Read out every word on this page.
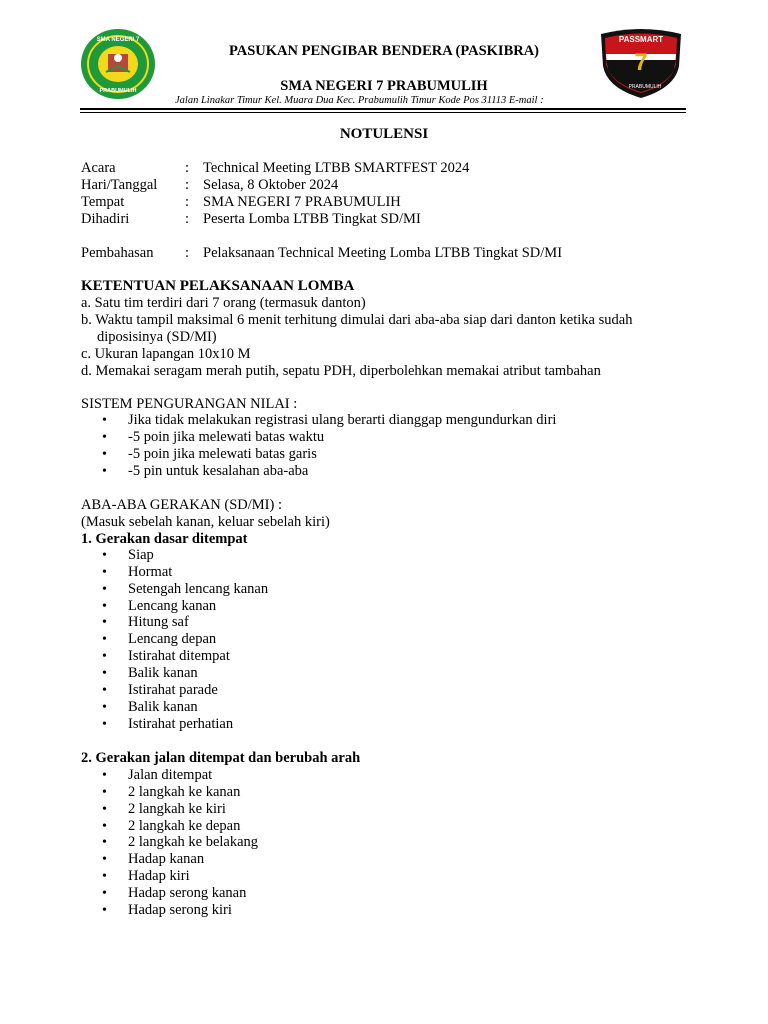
SMA NEGERI 7
PRABUMULIH
PASSMART
7
PRABUMULIH
PASUKAN PENGIBAR BENDERA (PASKIBRA)
SMA NEGERI 7 PRABUMULIH
Jalan Linakar Timur Kel. Muara Dua Kec. Prabumulih Timur Kode Pos 31113 E-mail :
NOTULENSI
Acara	: Technical Meeting LTBB SMARTFEST 2024
Hari/Tanggal : Selasa, 8 Oktober 2024
Tempat	: SMA NEGERI 7 PRABUMULIH
Dihadiri	: Peserta Lomba LTBB Tingkat SD/MI
Pembahasan : Pelaksanaan Technical Meeting Lomba LTBB Tingkat SD/MI
KETENTUAN PELAKSANAAN LOMBA
a. Satu tim terdiri dari 7 orang (termasuk danton)
b. Waktu tampil maksimal 6 menit terhitung dimulai dari aba-aba siap dari danton ketika sudah
diposisinya (SD/MI)
c. Ukuran lapangan 10x10 M
d. Memakai seragam merah putih, sepatu PDH, diperbolehkan memakai atribut tambahan
SISTEM PENGURANGAN NILAI :
• Jika tidak melakukan registrasi ulang berarti dianggap mengundurkan diri
• -5 poin jika melewati batas waktu
• -5 poin jika melewati batas garis
• -5 pin untuk kesalahan aba-aba
ABA-ABA GERAKAN (SD/MI) :
(Masuk sebelah kanan, keluar sebelah kiri)
1. Gerakan dasar ditempat
• Siap
• Hormat
• Setengah lencang kanan
• Lencang kanan
• Hitung saf
• Lencang depan
• Istirahat ditempat
• Balik kanan
• Istirahat parade
• Balik kanan
• Istirahat perhatian
2. Gerakan jalan ditempat dan berubah arah
• Jalan ditempat
• 2 langkah ke kanan
• 2 langkah ke kiri
• 2 langkah ke depan
• 2 langkah ke belakang
• Hadap kanan
• Hadap kiri
• Hadap serong kanan
• Hadap serong kiri
